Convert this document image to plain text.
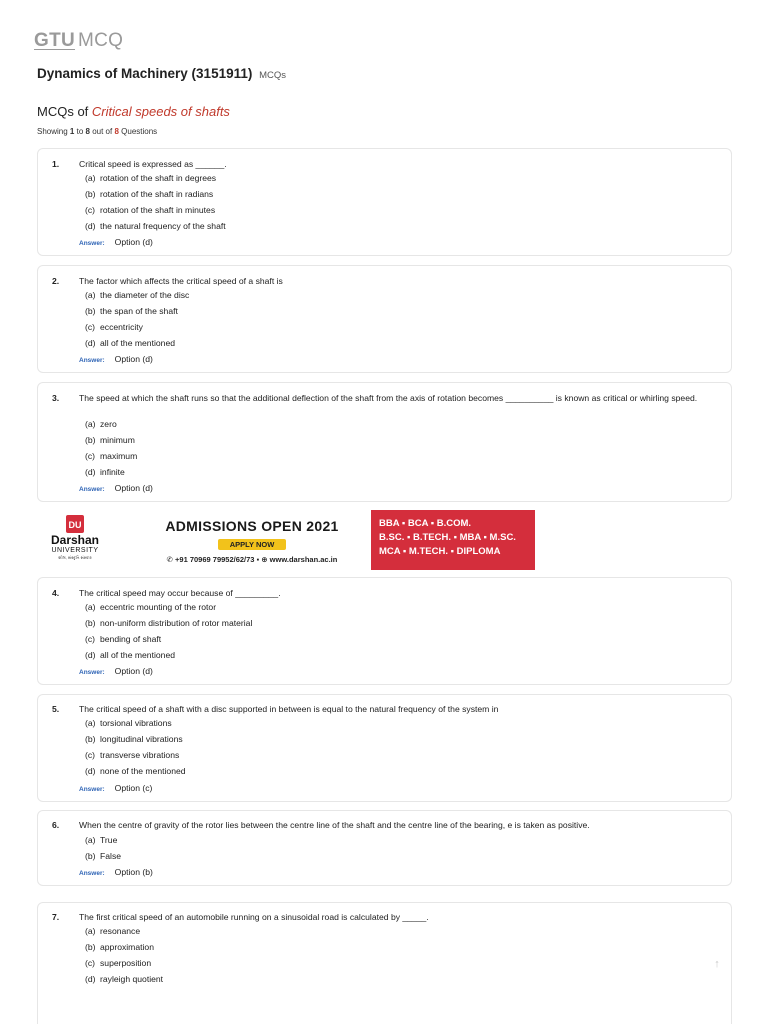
GTU MCQ
Dynamics of Machinery (3151911) MCQs
MCQs of Critical speeds of shafts
Showing 1 to 8 out of 8 Questions
1. Critical speed is expressed as ______.
(a) rotation of the shaft in degrees
(b) rotation of the shaft in radians
(c) rotation of the shaft in minutes
(d) the natural frequency of the shaft
Answer: Option (d)
2. The factor which affects the critical speed of a shaft is
(a) the diameter of the disc
(b) the span of the shaft
(c) eccentricity
(d) all of the mentioned
Answer: Option (d)
3. The speed at which the shaft runs so that the additional deflection of the shaft from the axis of rotation becomes __________ is known as critical or whirling speed.
(a) zero
(b) minimum
(c) maximum
(d) infinite
Answer: Option (d)
DU
Darshan
UNIVERSITY
શીલ, સંસ્કૃતિ સંસ્કાર
ADMISSIONS OPEN 2021
APPLY NOW
✆ +91 70969 79952/62/73 ▪ ⊕ www.darshan.ac.in
BBA ▪ BCA ▪ B.COM.
B.SC. ▪ B.TECH. ▪ MBA ▪ M.SC.
MCA ▪ M.TECH. ▪ DIPLOMA
4. The critical speed may occur because of _________.
(a) eccentric mounting of the rotor
(b) non-uniform distribution of rotor material
(c) bending of shaft
(d) all of the mentioned
Answer: Option (d)
5. The critical speed of a shaft with a disc supported in between is equal to the natural frequency of the system in
(a) torsional vibrations
(b) longitudinal vibrations
(c) transverse vibrations
(d) none of the mentioned
Answer: Option (c)
6. When the centre of gravity of the rotor lies between the centre line of the shaft and the centre line of the bearing, e is taken as positive.
(a) True
(b) False
Answer: Option (b)
7. The first critical speed of an automobile running on a sinusoidal road is calculated by _____.
(a) resonance
(b) approximation
(c) superposition
(d) rayleigh quotient
↑
